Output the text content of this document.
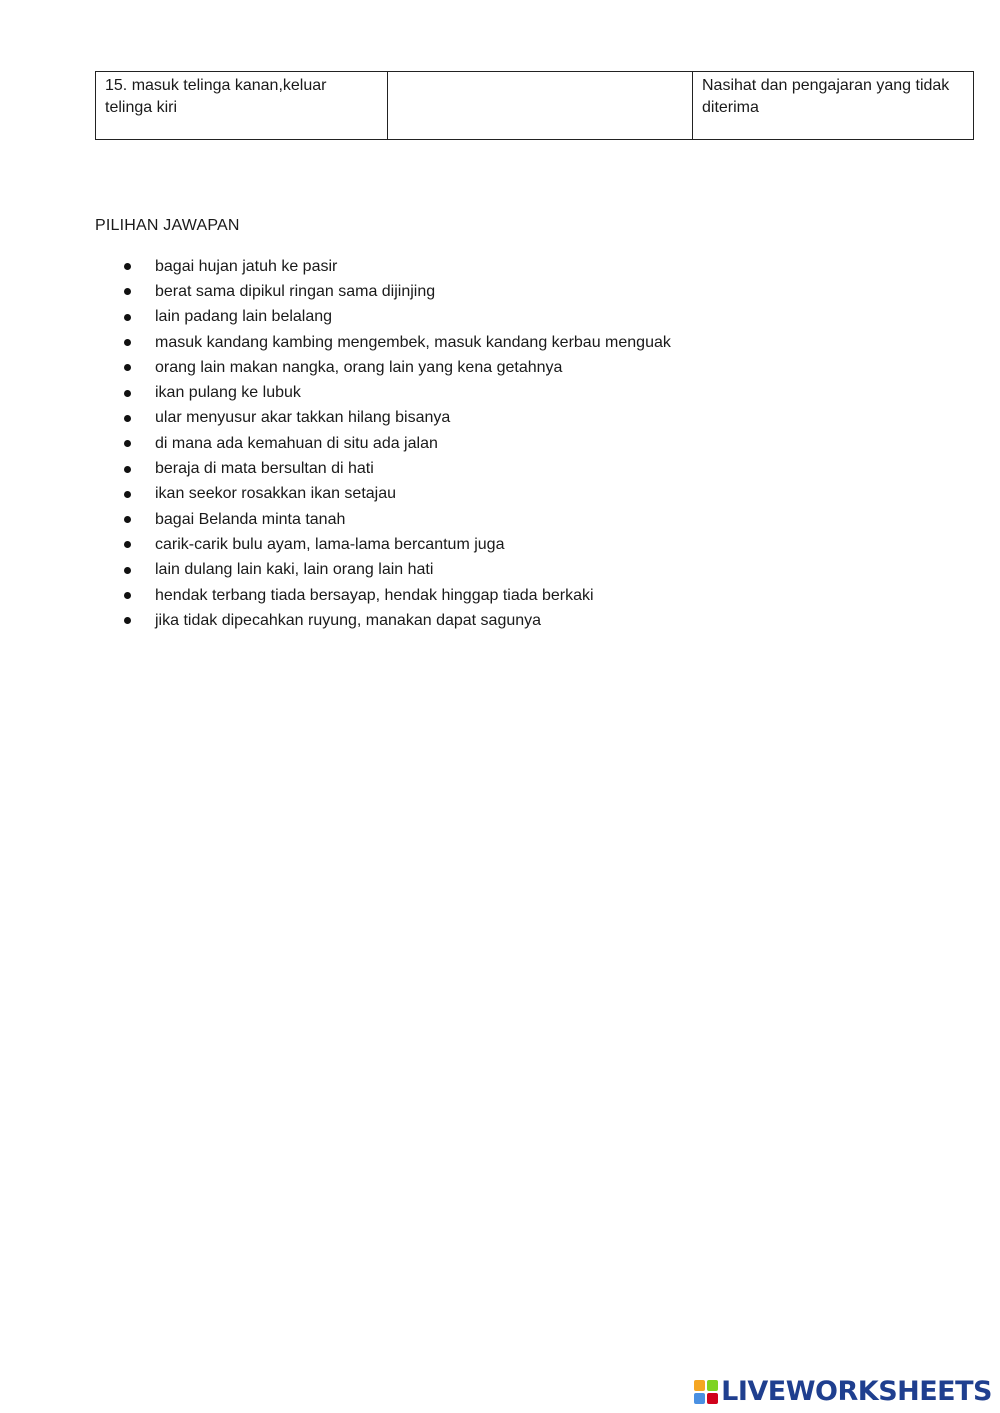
15. masuk telinga kanan,keluar telinga kiri		Nasihat dan pengajaran yang tidak diterima
PILIHAN JAWAPAN
bagai hujan jatuh ke pasir
berat sama dipikul ringan sama dijinjing
lain padang lain belalang
masuk kandang kambing mengembek, masuk kandang kerbau menguak
orang lain makan nangka, orang lain yang kena getahnya
ikan pulang ke lubuk
ular menyusur akar takkan hilang bisanya
di mana ada kemahuan di situ ada jalan
beraja di mata bersultan di hati
ikan seekor rosakkan ikan setajau
bagai Belanda minta tanah
carik-carik bulu ayam, lama-lama bercantum juga
lain dulang lain kaki, lain orang lain hati
hendak terbang tiada bersayap, hendak hinggap tiada berkaki
jika tidak dipecahkan ruyung, manakan dapat sagunya
LIVEWORKSHEETS
